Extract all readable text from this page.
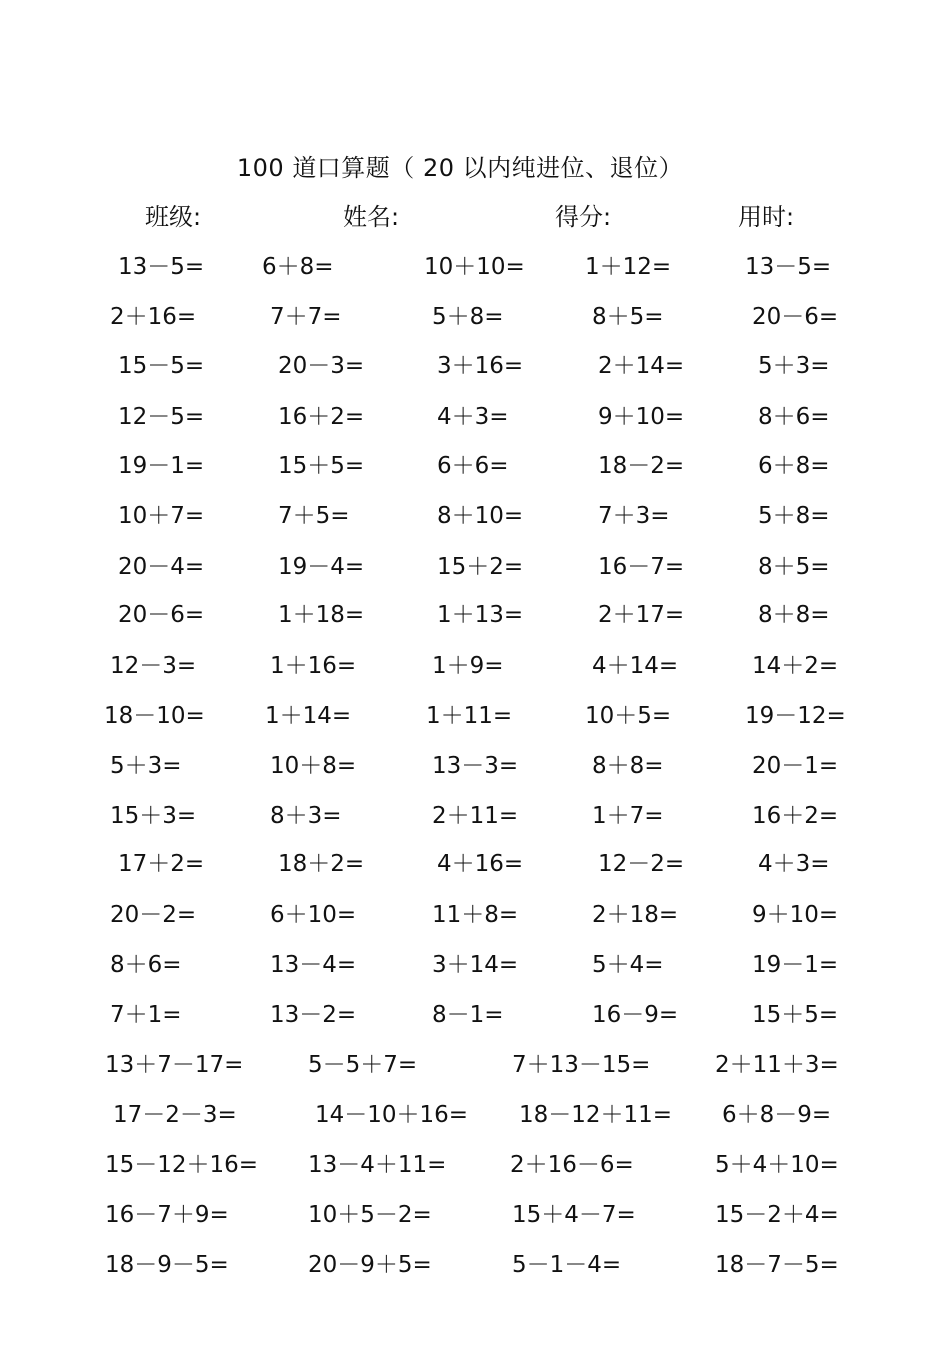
100 道口算题（ 20 以内纯进位、退位）
班级:	姓名:	得分:	用时:
13－5=	6＋8=	10＋10=	1＋12=	13－5=
2＋16=	7＋7=	5＋8=	8＋5=	20－6=
15－5=	20－3=	3＋16=	2＋14=	5＋3=
12－5=	16＋2=	4＋3=	9＋10=	8＋6=
19－1=	15＋5=	6＋6=	18－2=	6＋8=
10＋7=	7＋5=	8＋10=	7＋3=	5＋8=
20－4=	19－4=	15＋2=	16－7=	8＋5=
20－6=	1＋18=	1＋13=	2＋17=	8＋8=
12－3=	1＋16=	1＋9=	4＋14=	14＋2=
18－10=	1＋14=	1＋11=	10＋5=	19－12=
5＋3=	10＋8=	13－3=	8＋8=	20－1=
15＋3=	8＋3=	2＋11=	1＋7=	16＋2=
17＋2=	18＋2=	4＋16=	12－2=	4＋3=
20－2=	6＋10=	11＋8=	2＋18=	9＋10=
8＋6=	13－4=	3＋14=	5＋4=	19－1=
7＋1=	13－2=	8－1=	16－9=	15＋5=
13＋7－17=	5－5＋7=	7＋13－15=	2＋11＋3=
17－2－3=	14－10＋16= 18－12＋11= 6＋8－9=
15－12＋16= 13－4＋11=	2＋16－6=	5＋4＋10=
16－7＋9=	10＋5－2=	15＋4－7=	15－2＋4=
18－9－5=	20－9＋5=	5－1－4=	18－7－5=
